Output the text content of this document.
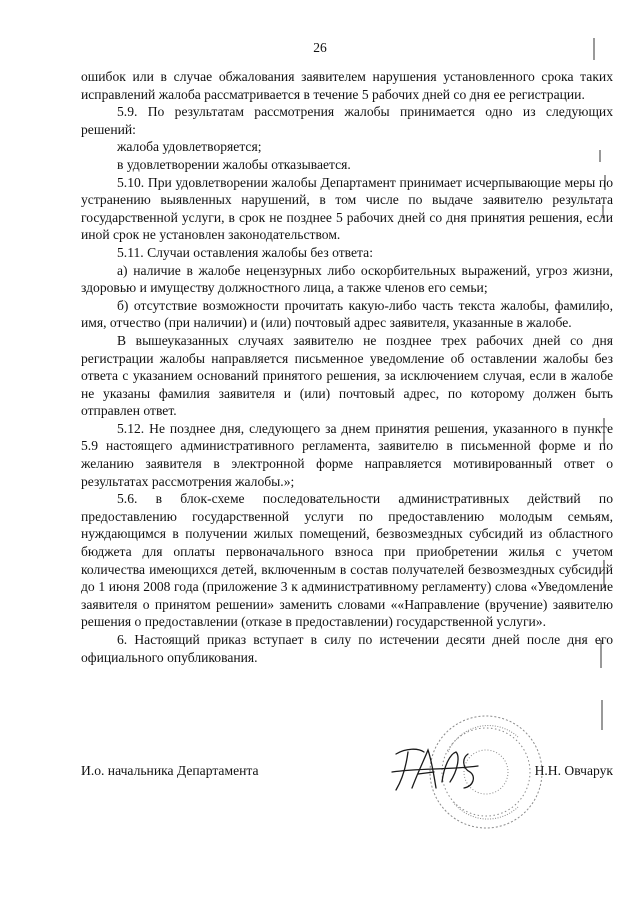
26

ошибок или в случае обжалования заявителем нарушения установленного срока таких исправлений жалоба рассматривается в течение 5 рабочих дней со дня ее регистрации.

5.9. По результатам рассмотрения жалобы принимается одно из следующих решений:

жалоба удовлетворяется;

в удовлетворении жалобы отказывается.

5.10. При удовлетворении жалобы Департамент принимает исчерпывающие меры по устранению выявленных нарушений, в том числе по выдаче заявителю результата государственной услуги, в срок не позднее 5 рабочих дней со дня принятия решения, если иной срок не установлен законодательством.

5.11. Случаи оставления жалобы без ответа:

а) наличие в жалобе нецензурных либо оскорбительных выражений, угроз жизни, здоровью и имуществу должностного лица, а также членов его семьи;

б) отсутствие возможности прочитать какую-либо часть текста жалобы, фамилию, имя, отчество (при наличии) и (или) почтовый адрес заявителя, указанные в жалобе.

В вышеуказанных случаях заявителю не позднее трех рабочих дней со дня регистрации жалобы направляется письменное уведомление об оставлении жалобы без ответа с указанием оснований принятого решения, за исключением случая, если в жалобе не указаны фамилия заявителя и (или) почтовый адрес, по которому должен быть отправлен ответ.

5.12. Не позднее дня, следующего за днем принятия решения, указанного в пункте 5.9 настоящего административного регламента, заявителю в письменной форме и по желанию заявителя в электронной форме направляется мотивированный ответ о результатах рассмотрения жалобы.»;

5.6. в блок-схеме последовательности административных действий по предоставлению государственной услуги по предоставлению молодым семьям, нуждающимся в получении жилых помещений, безвозмездных субсидий из областного бюджета для оплаты первоначального взноса при приобретении жилья с учетом количества имеющихся детей, включенным в состав получателей безвозмездных субсидий до 1 июня 2008 года (приложение 3 к административному регламенту) слова «Уведомление заявителя о принятом решении» заменить словами ««Направление (вручение) заявителю решения о предоставлении (отказе в предоставлении) государственной услуги».

6. Настоящий приказ вступает в силу по истечении десяти дней после дня его официального опубликования.

И.о. начальника Департамента	Н.Н. Овчарук
